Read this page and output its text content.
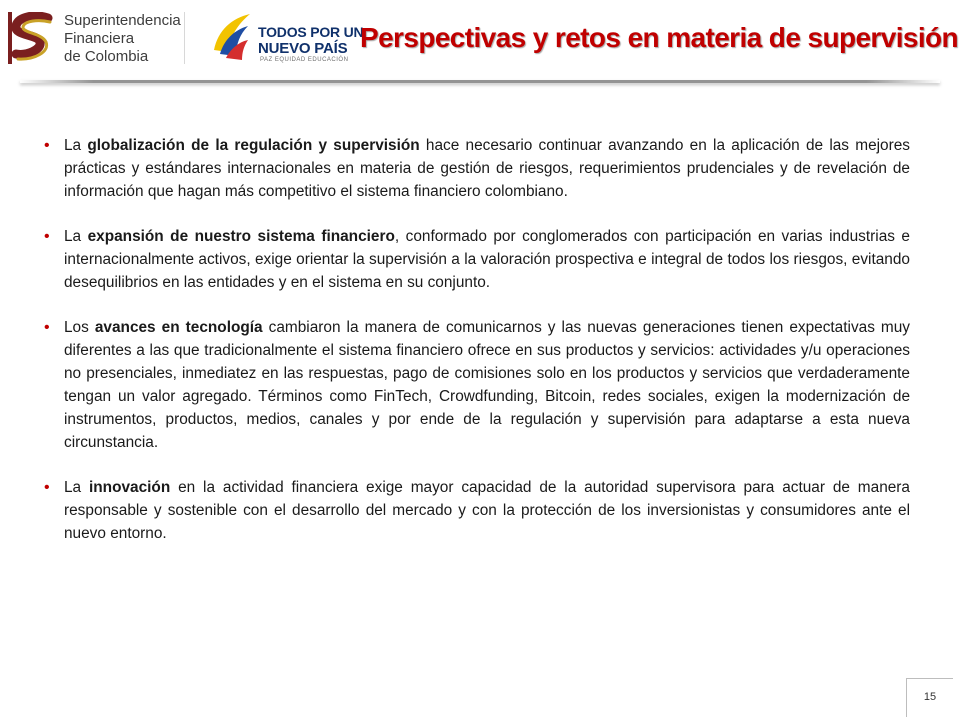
Superintendencia
Financiera
de Colombia
TODOS POR UN
NUEVO PAÍS
PAZ EQUIDAD EDUCACIÓN
Perspectivas y retos en materia de supervisión
• La globalización de la regulación y supervisión hace necesario continuar avanzando en la aplicación de las mejores prácticas y estándares internacionales en materia de gestión de riesgos, requerimientos prudenciales y de revelación de información que hagan más competitivo el sistema financiero colombiano.
• La expansión de nuestro sistema financiero, conformado por conglomerados con participación en varias industrias e internacionalmente activos, exige orientar la supervisión a la valoración prospectiva e integral de todos los riesgos, evitando desequilibrios en las entidades y en el sistema en su conjunto.
• Los avances en tecnología cambiaron la manera de comunicarnos y las nuevas generaciones tienen expectativas muy diferentes a las que tradicionalmente el sistema financiero ofrece en sus productos y servicios: actividades y/u operaciones no presenciales, inmediatez en las respuestas, pago de comisiones solo en los productos y servicios que verdaderamente tengan un valor agregado. Términos como FinTech, Crowdfunding, Bitcoin, redes sociales, exigen la modernización de instrumentos, productos, medios, canales y por ende de la regulación y supervisión para adaptarse a esta nueva circunstancia.
• La innovación en la actividad financiera exige mayor capacidad de la autoridad supervisora para actuar de manera responsable y sostenible con el desarrollo del mercado y con la protección de los inversionistas y consumidores ante el nuevo entorno.
15
